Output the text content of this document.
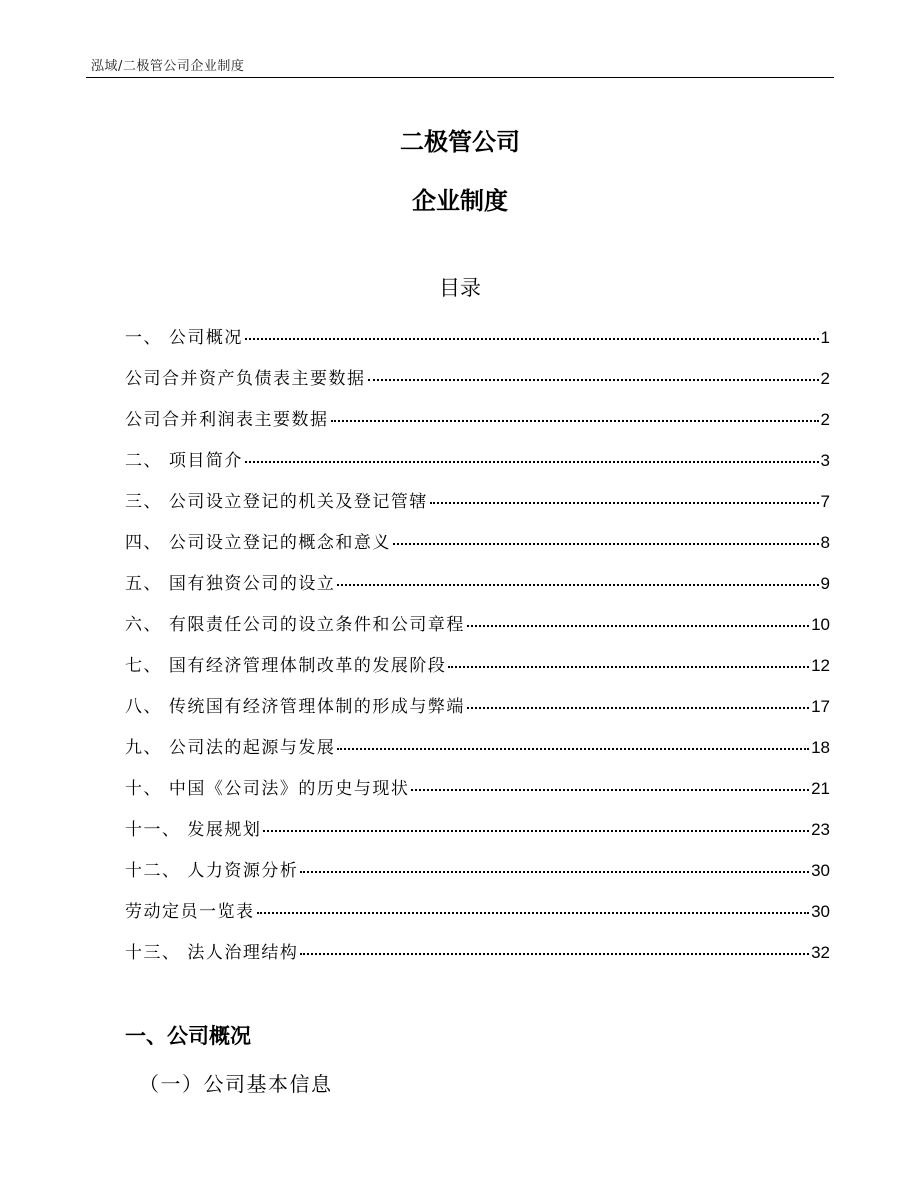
泓域/二极管公司企业制度
二极管公司
企业制度
目录
一、 公司概况	1
公司合并资产负债表主要数据	2
公司合并利润表主要数据	2
二、 项目简介	3
三、 公司设立登记的机关及登记管辖	7
四、 公司设立登记的概念和意义	8
五、 国有独资公司的设立	9
六、 有限责任公司的设立条件和公司章程	10
七、 国有经济管理体制改革的发展阶段	12
八、 传统国有经济管理体制的形成与弊端	17
九、 公司法的起源与发展	18
十、 中国《公司法》的历史与现状	21
十一、 发展规划	23
十二、 人力资源分析	30
劳动定员一览表	30
十三、 法人治理结构	32
一、公司概况
（一）公司基本信息
